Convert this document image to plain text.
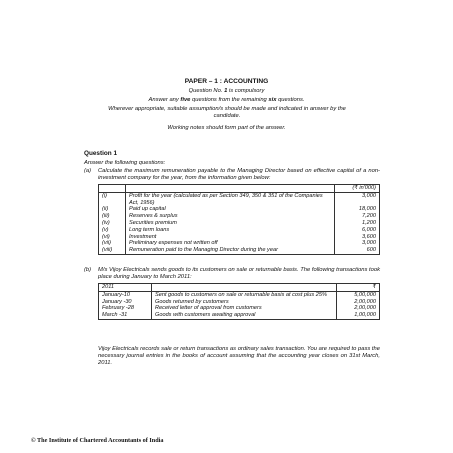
PAPER – 1 : ACCOUNTING
Question No. 1 is compulsory
Answer any five questions from the remaining six questions.
Wherever appropriate, suitable assumption/s should be made and indicated in answer by the candidate.
Working notes should form part of the answer.
Question 1
Answer the following questions:
(a) Calculate the maximum remuneration payable to the Managing Director based on effective capital of a non-investment company for the year, from the information given below:
		(₹ in'000)
(i)	Profit for the year (calculated as per Section 349, 350 & 351 of the Companies Act, 1956)	3,000
(ii)	Paid up capital	18,000
(iii)	Reserves & surplus	7,200
(iv)	Securities premium	1,200
(v)	Long term loans	6,000
(vi)	Investment	3,600
(vii)	Preliminary expenses not written off	3,000
(viii)	Remuneration paid to the Managing Director during the year	600
(b) M/s Vijoy Electricals sends goods to its customers on sale or returnable basis. The following transactions took place during January to March 2011:
2011		₹
January-10	Sent goods to customers on sale or returnable basis at cost plus 25%	5,00,000
January -30	Goods returned by customers	2,00,000
February -28	Received letter of approval from customers	2,00,000
March -31	Goods with customers awaiting approval	1,00,000
Vijoy Electricals records sale or return transactions as ordinary sales transaction. You are required to pass the necessary journal entries in the books of account assuming that the accounting year closes on 31st March, 2011.
© The Institute of Chartered Accountants of India
